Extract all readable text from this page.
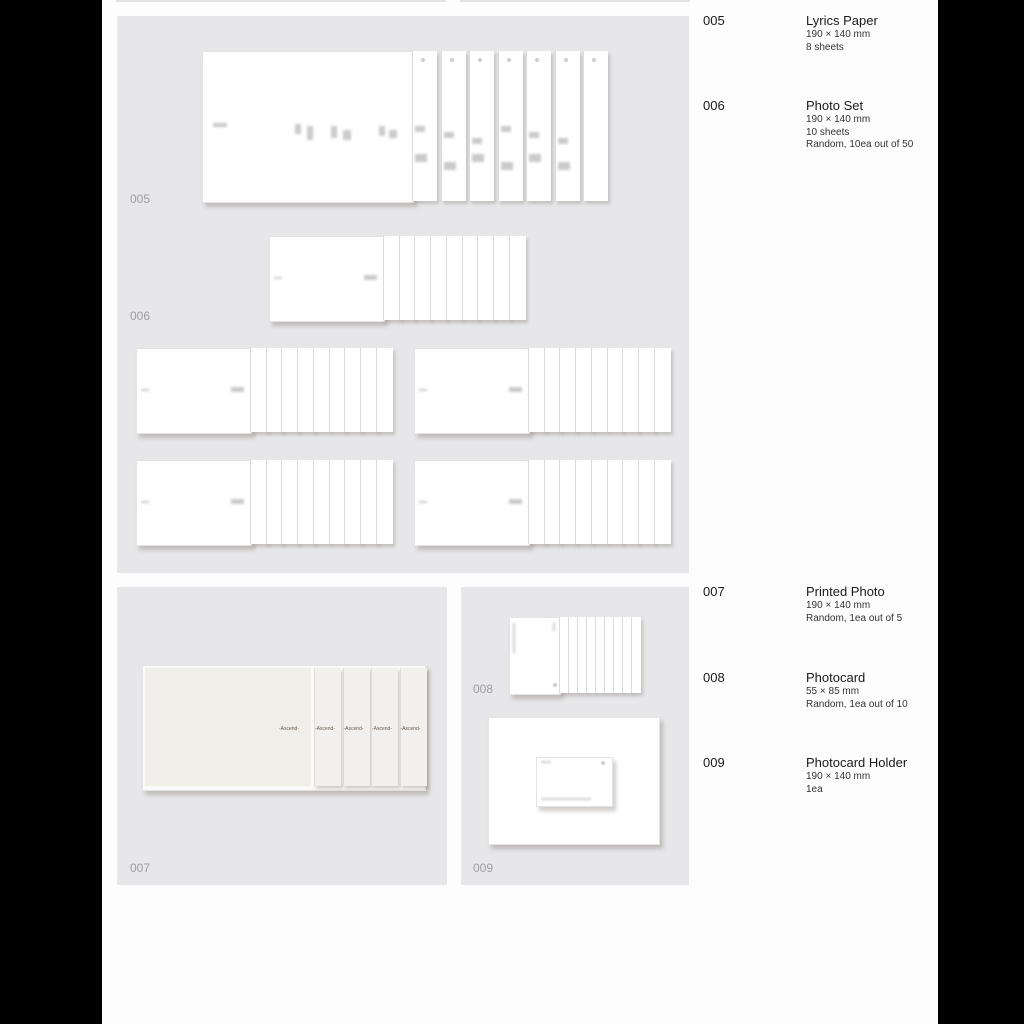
005
006
-Ascend- -Ascend- -Ascend- -Ascend-
-Ascend-
007
008
009
005	Lyrics Paper
190 × 140 mm
8 sheets
006	Photo Set
190 × 140 mm
10 sheets
Random, 10ea out of 50
007	Printed Photo
190 × 140 mm
Random, 1ea out of 5
008	Photocard
55 × 85 mm
Random, 1ea out of 10
009	Photocard Holder
190 × 140 mm
1ea
